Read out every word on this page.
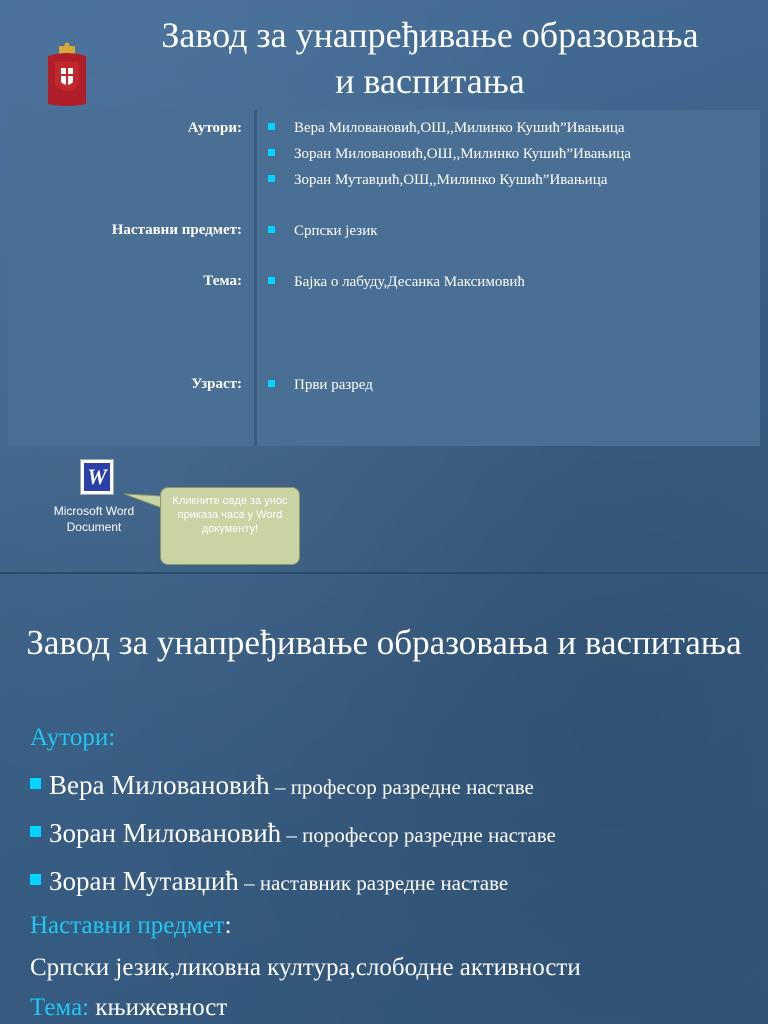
Завод за унапређивање образовања и васпитања
Аутори:	Вера Миловановић,ОШ,,Милинко Кушић”Ивањица
Зоран Миловановић,ОШ,,Милинко Кушић”Ивањица
Зоран Мутавџић,ОШ,,Милинко Кушић”Ивањица
Наставни предмет:	Српски језик
Тема:	Бајка о лабуду,Десанка Максимовић
Узраст:	Први разред
W
Microsoft Word
Document
Кликните овде за унос приказа часа у Word документу!
Завод за унапређивање образовања и васпитања
Аутори:
Вера Миловановић – професор разредне наставе
Зоран Миловановић – порофесор разредне наставе
Зоран Мутавџић – наставник разредне наставе
Наставни предмет:
Српски језик,ликовна култура,слободне активности
Тема: књижевност
